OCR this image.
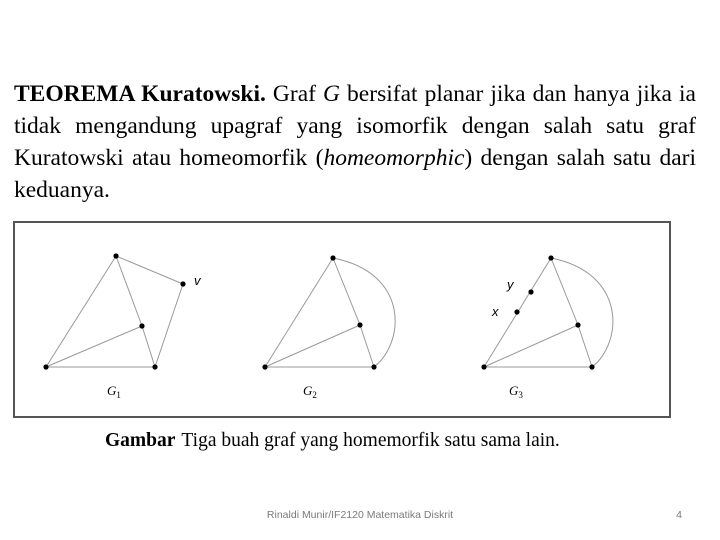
TEOREMA Kuratowski. Graf G bersifat planar jika dan hanya jika ia tidak mengandung upagraf yang isomorfik dengan salah satu graf Kuratowski atau homeomorfik (homeomorphic) dengan salah satu dari keduanya.
v	y
x
G1	G2	G3
Gambar Tiga buah graf yang homemorfik satu sama lain.
Rinaldi Munir/IF2120 Matematika Diskrit	4
